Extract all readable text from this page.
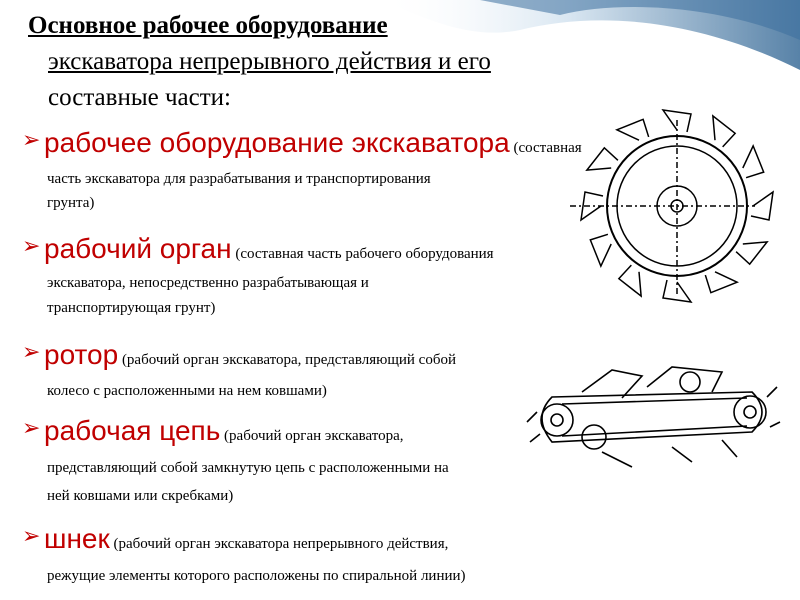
Основное рабочее оборудование
экскаватора непрерывного действия и его
составные части:
➢ рабочее оборудование экскаватора (составная
часть экскаватора для разрабатывания и транспортирования
грунта)
➢ рабочий орган (составная часть рабочего оборудования
экскаватора, непосредственно разрабатывающая и
транспортирующая грунт)
➢ ротор (рабочий орган экскаватора, представляющий собой
колесо с расположенными на нем ковшами)
➢ рабочая цепь (рабочий орган экскаватора,
представляющий собой замкнутую цепь с расположенными на
ней ковшами или скребками)
➢ шнек (рабочий орган экскаватора непрерывного действия,
режущие элементы которого расположены по спиральной линии)
